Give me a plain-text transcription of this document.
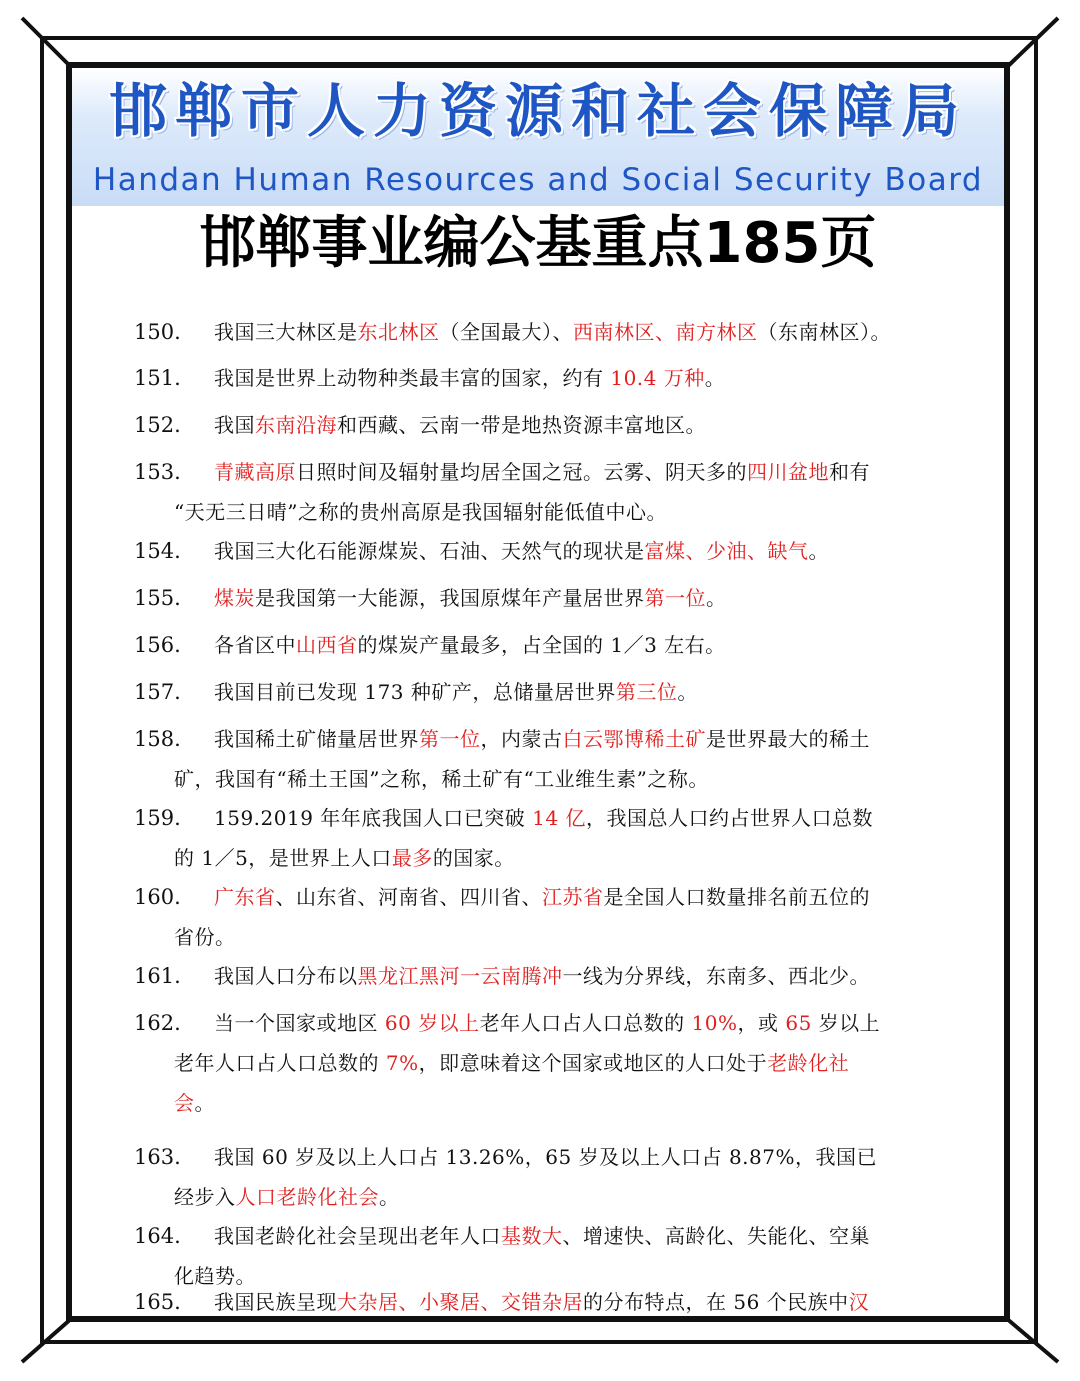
邯郸市人力资源和社会保障局
Handan Human Resources and Social Security Board
邯郸事业编公基重点185页
150. 我国三大林区是东北林区（全国最大）、西南林区、南方林区（东南林区）。
151. 我国是世界上动物种类最丰富的国家，约有 10.4 万种。
152. 我国东南沿海和西藏、云南一带是地热资源丰富地区。
153. 青藏高原日照时间及辐射量均居全国之冠。云雾、阴天多的四川盆地和有
“天无三日晴”之称的贵州高原是我国辐射能低值中心。
154. 我国三大化石能源煤炭、石油、天然气的现状是富煤、少油、缺气。
155. 煤炭是我国第一大能源，我国原煤年产量居世界第一位。
156. 各省区中山西省的煤炭产量最多，占全国的 1／3 左右。
157. 我国目前已发现 173 种矿产，总储量居世界第三位。
158. 我国稀土矿储量居世界第一位，内蒙古白云鄂博稀土矿是世界最大的稀土
矿，我国有“稀土王国”之称，稀土矿有“工业维生素”之称。
159. 159.2019 年年底我国人口已突破 14 亿，我国总人口约占世界人口总数
的 1／5，是世界上人口最多的国家。
160. 广东省、山东省、河南省、四川省、江苏省是全国人口数量排名前五位的
省份。
161. 我国人口分布以黑龙江黑河一云南腾冲一线为分界线，东南多、西北少。
162. 当一个国家或地区 60 岁以上老年人口占人口总数的 10%，或 65 岁以上
老年人口占人口总数的 7%，即意味着这个国家或地区的人口处于老龄化社
会。
163. 我国 60 岁及以上人口占 13.26%，65 岁及以上人口占 8.87%，我国已
经步入人口老龄化社会。
164. 我国老龄化社会呈现出老年人口基数大、增速快、高龄化、失能化、空巢
化趋势。
165. 我国民族呈现大杂居、小聚居、交错杂居的分布特点，在 56 个民族中汉
